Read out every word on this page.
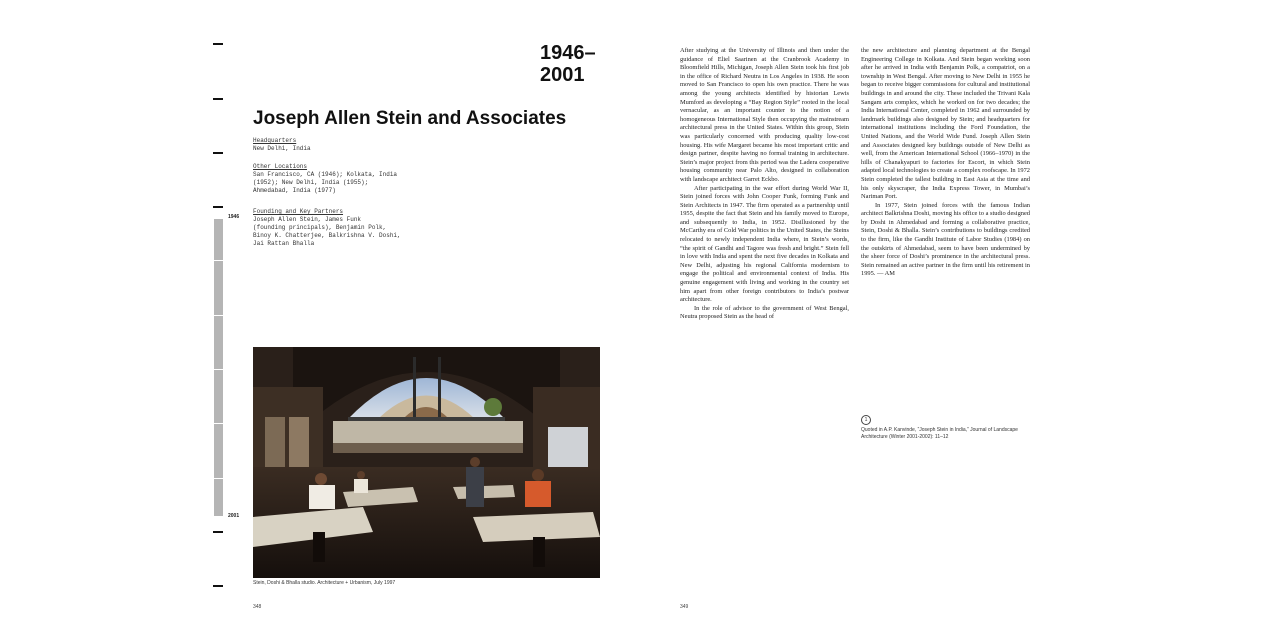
1946
2001
1946–
2001
Joseph Allen Stein and Associates
Headquarters
New Delhi, India
Other Locations
San Francisco, CA (1946); Kolkata, India
(1952); New Delhi, India (1955);
Ahmedabad, India (1977)
Founding and Key Partners
Joseph Allen Stein, James Funk
(founding principals), Benjamin Polk,
Binoy K. Chatterjee, Balkrishna V. Doshi,
Jai Rattan Bhalla
Stein, Doshi & Bhalla studio. Architecture + Urbanism, July 1997
348	349

After studying at the University of Illinois and then under the guidance of Eliel Saarinen at the Cranbrook Academy in Bloomfield Hills, Michigan, Joseph Allen Stein took his first job in the office of Richard Neutra in Los Angeles in 1938. He soon moved to San Francisco to open his own practice. There he was among the young architects identified by historian Lewis Mumford as developing a “Bay Region Style” rooted in the local vernacular, as an important counter to the notion of a homogeneous International Style then occupying the mainstream architectural press in the United States. Within this group, Stein was particularly concerned with producing quality low-cost housing. His wife Margaret became his most important critic and design partner, despite having no formal training in architecture. Stein’s major project from this period was the Ladera cooperative housing community near Palo Alto, designed in collaboration with landscape architect Garret Eckbo.

After participating in the war effort during World War II, Stein joined forces with John Cooper Funk, forming Funk and Stein Architects in 1947. The firm operated as a partnership until 1955, despite the fact that Stein and his family moved to Europe, and subsequently to India, in 1952. Disillusioned by the McCarthy era of Cold War politics in the United States, the Steins relocated to newly independent India where, in Stein’s words, “the spirit of Gandhi and Tagore was fresh and bright.” Stein fell in love with India and spent the next five decades in Kolkata and New Delhi, adjusting his regional California modernism to engage the political and environmental context of India. His genuine engagement with living and working in the country set him apart from other foreign contributors to India’s postwar architecture.

In the role of advisor to the government of West Bengal, Neutra proposed Stein as the head of

the new architecture and planning department at the Bengal Engineering College in Kolkata. And Stein began working soon after he arrived in India with Benjamin Polk, a compatriot, on a township in West Bengal. After moving to New Delhi in 1955 he began to receive bigger commissions for cultural and institutional buildings in and around the city. These included the Trivani Kala Sangam arts complex, which he worked on for two decades; the India International Center, completed in 1962 and surrounded by landmark buildings also designed by Stein; and headquarters for international institutions including the Ford Foundation, the United Nations, and the World Wide Fund. Joseph Allen Stein and Associates designed key buildings outside of New Delhi as well, from the American International School (1966–1970) in the hills of Chanakyapuri to factories for Escort, in which Stein adapted local technologies to create a complex roofscape. In 1972 Stein completed the tallest building in East Asia at the time and his only skyscraper, the India Express Tower, in Mumbai’s Nariman Port.

In 1977, Stein joined forces with the famous Indian architect Balkrishna Doshi, moving his office to a studio designed by Doshi in Ahmedabad and forming a collaborative practice, Stein, Doshi & Bhalla. Stein’s contributions to buildings credited to the firm, like the Gandhi Institute of Labor Studies (1984) on the outskirts of Ahmedabad, seem to have been undermined by the sheer force of Doshi’s prominence in the architectural press. Stein remained an active partner in the firm until his retirement in 1995. — AM

1
Quoted in A.P. Kanvinde, “Joseph Stein in India,” Journal of Landscape Architecture (Winter 2001-2002): 11–12
